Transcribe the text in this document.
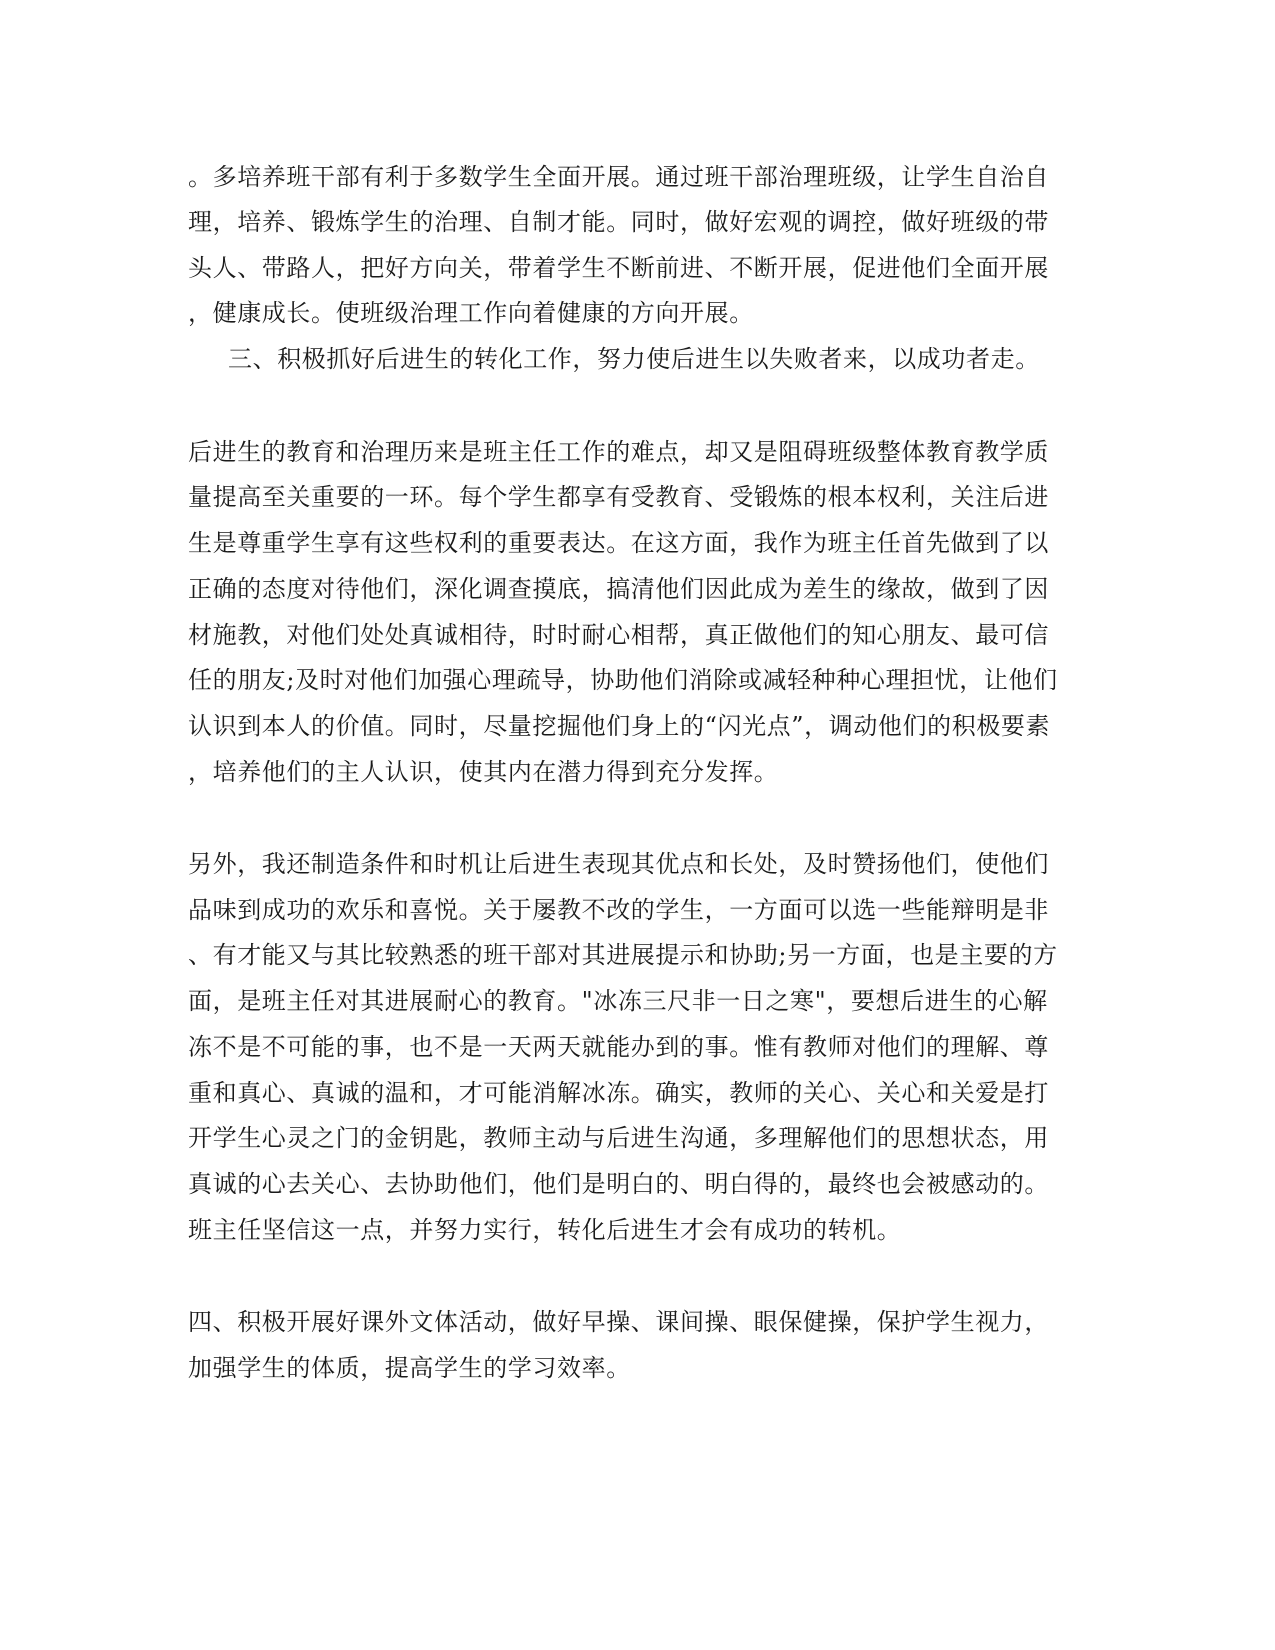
。多培养班干部有利于多数学生全面开展。通过班干部治理班级，让学生自治自
理，培养、锻炼学生的治理、自制才能。同时，做好宏观的调控，做好班级的带
头人、带路人，把好方向关，带着学生不断前进、不断开展，促进他们全面开展
，健康成长。使班级治理工作向着健康的方向开展。
三、积极抓好后进生的转化工作，努力使后进生以失败者来，以成功者走。
后进生的教育和治理历来是班主任工作的难点，却又是阻碍班级整体教育教学质
量提高至关重要的一环。每个学生都享有受教育、受锻炼的根本权利，关注后进
生是尊重学生享有这些权利的重要表达。在这方面，我作为班主任首先做到了以
正确的态度对待他们，深化调查摸底，搞清他们因此成为差生的缘故，做到了因
材施教，对他们处处真诚相待，时时耐心相帮，真正做他们的知心朋友、最可信
任的朋友;及时对他们加强心理疏导，协助他们消除或减轻种种心理担忧，让他们
认识到本人的价值。同时，尽量挖掘他们身上的“闪光点”，调动他们的积极要素
，培养他们的主人认识，使其内在潜力得到充分发挥。
另外，我还制造条件和时机让后进生表现其优点和长处，及时赞扬他们，使他们
品味到成功的欢乐和喜悦。关于屡教不改的学生，一方面可以选一些能辩明是非
、有才能又与其比较熟悉的班干部对其进展提示和协助;另一方面，也是主要的方
面，是班主任对其进展耐心的教育。"冰冻三尺非一日之寒"，要想后进生的心解
冻不是不可能的事，也不是一天两天就能办到的事。惟有教师对他们的理解、尊
重和真心、真诚的温和，才可能消解冰冻。确实，教师的关心、关心和关爱是打
开学生心灵之门的金钥匙，教师主动与后进生沟通，多理解他们的思想状态，用
真诚的心去关心、去协助他们，他们是明白的、明白得的，最终也会被感动的。
班主任坚信这一点，并努力实行，转化后进生才会有成功的转机。
四、积极开展好课外文体活动，做好早操、课间操、眼保健操，保护学生视力，
加强学生的体质，提高学生的学习效率。
